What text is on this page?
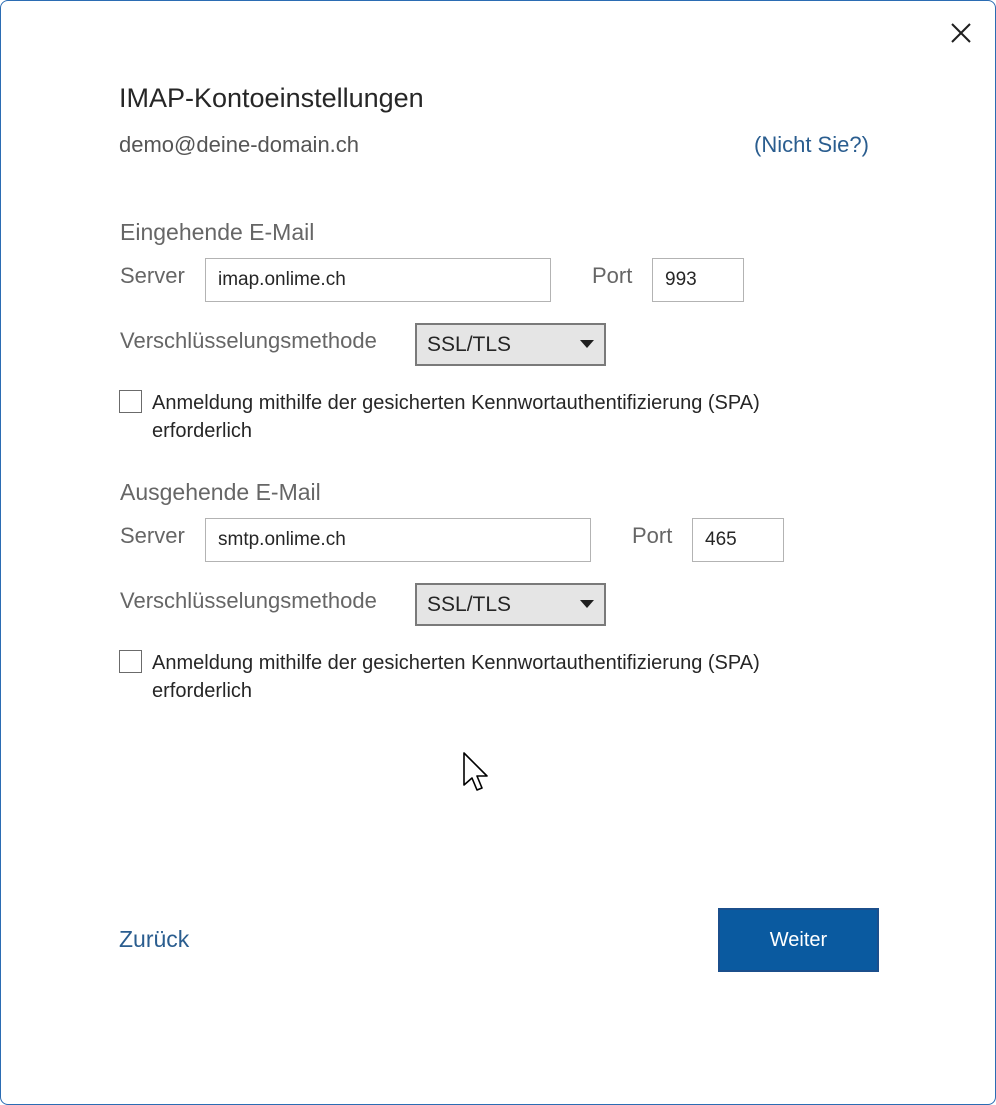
IMAP-Kontoeinstellungen
demo@deine-domain.ch	(Nicht Sie?)
Eingehende E-Mail
Server	imap.onlime.ch	Port	993
Verschlüsselungsmethode	SSL/TLS
Anmeldung mithilfe der gesicherten Kennwortauthentifizierung (SPA) erforderlich
Ausgehende E-Mail
Server	smtp.onlime.ch	Port	465
Verschlüsselungsmethode	SSL/TLS
Anmeldung mithilfe der gesicherten Kennwortauthentifizierung (SPA) erforderlich
Zurück	Weiter
